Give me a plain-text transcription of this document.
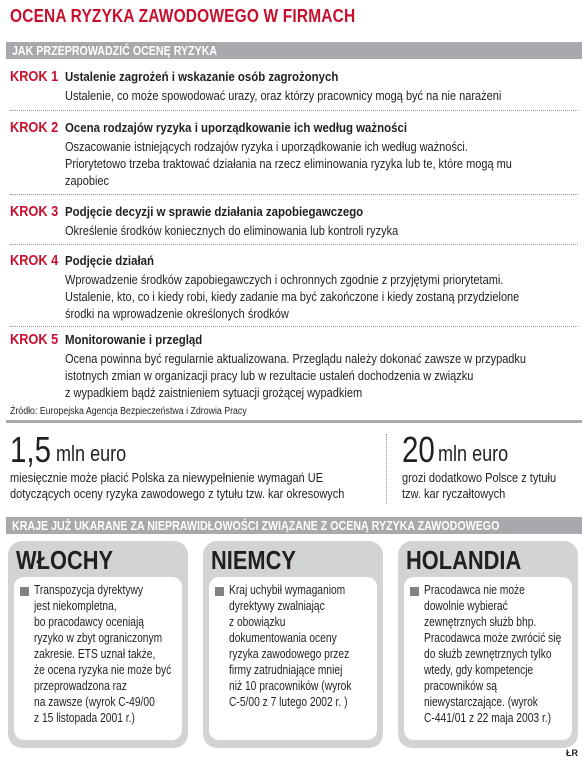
OCENA RYZYKA ZAWODOWEGO W FIRMACH
JAK PRZEPROWADZIĆ OCENĘ RYZYKA
KROK 1 Ustalenie zagrożeń i wskazanie osób zagrożonych
Ustalenie, co może spowodować urazy, oraz którzy pracownicy mogą być na nie narażeni
KROK 2 Ocena rodzajów ryzyka i uporządkowanie ich według ważności
Oszacowanie istniejących rodzajów ryzyka i uporządkowanie ich według ważności.
Priorytetowo trzeba traktować działania na rzecz eliminowania ryzyka lub te, które mogą mu
zapobiec
KROK 3 Podjęcie decyzji w sprawie działania zapobiegawczego
Określenie środków koniecznych do eliminowania lub kontroli ryzyka
KROK 4 Podjęcie działań
Wprowadzenie środków zapobiegawczych i ochronnych zgodnie z przyjętymi priorytetami.
Ustalenie, kto, co i kiedy robi, kiedy zadanie ma być zakończone i kiedy zostaną przydzielone
środki na wprowadzenie określonych środków
KROK 5 Monitorowanie i przegląd
Ocena powinna być regularnie aktualizowana. Przeglądu należy dokonać zawsze w przypadku
istotnych zmian w organizacji pracy lub w rezultacie ustaleń dochodzenia w związku
z wypadkiem bądź zaistnieniem sytuacji grożącej wypadkiem
Źródło: Europejska Agencja Bezpieczeństwa i Zdrowia Pracy
1,5 mln euro
miesięcznie może płacić Polska za niewypełnienie wymagań UE
dotyczących oceny ryzyka zawodowego z tytułu tzw. kar okresowych
20 mln euro
grozi dodatkowo Polsce z tytułu
tzw. kar ryczałtowych
KRAJE JUŻ UKARANE ZA NIEPRAWIDŁOWOŚCI ZWIĄZANE Z OCENĄ RYZYKA ZAWODOWEGO
WŁOCHY
Transpozycja dyrektywy
jest niekompletna,
bo pracodawcy oceniają
ryzyko w zbyt ograniczonym
zakresie. ETS uznał także,
że ocena ryzyka nie może być
przeprowadzona raz
na zawsze (wyrok C-49/00
z 15 listopada 2001 r.)
NIEMCY
Kraj uchybił wymaganiom
dyrektywy zwalniając
z obowiązku
dokumentowania oceny
ryzyka zawodowego przez
firmy zatrudniające mniej
niż 10 pracowników (wyrok
C-5/00 z 7 lutego 2002 r. )
HOLANDIA
Pracodawca nie może
dowolnie wybierać
zewnętrznych służb bhp.
Pracodawca może zwrócić się
do służb zewnętrznych tylko
wtedy, gdy kompetencje
pracowników są
niewystarczające. (wyrok
C-441/01 z 22 maja 2003 r.)
ŁR
